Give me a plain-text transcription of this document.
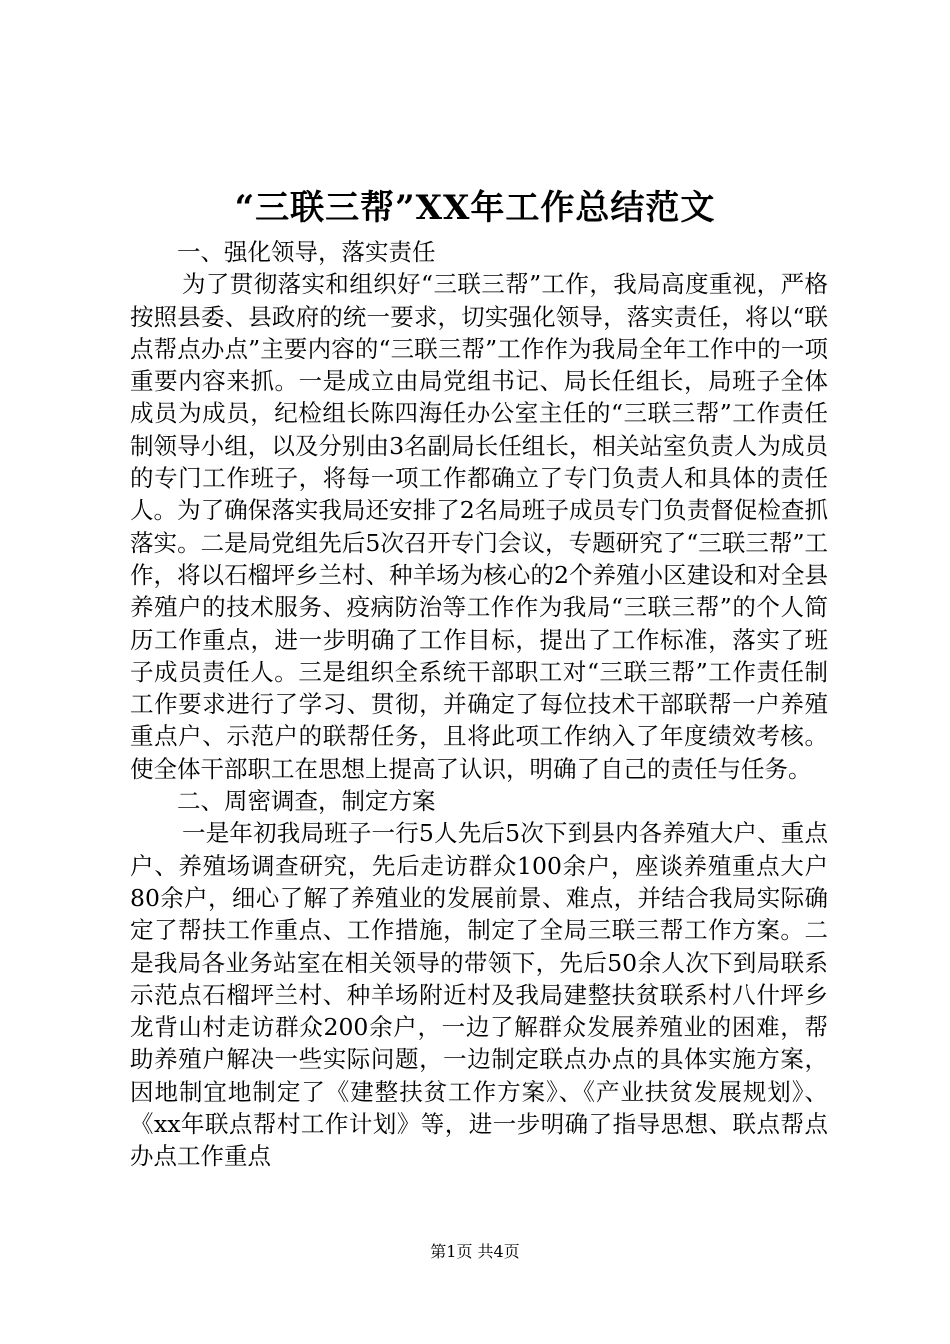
“三联三帮”XX年工作总结范文

一、强化领导，落实责任

为了贯彻落实和组织好“三联三帮”工作，我局高度重视，严格按照县委、县政府的统一要求，切实强化领导，落实责任，将以“联点帮点办点”主要内容的“三联三帮”工作作为我局全年工作中的一项重要内容来抓。一是成立由局党组书记、局长任组长，局班子全体成员为成员，纪检组长陈四海任办公室主任的“三联三帮”工作责任制领导小组，以及分别由3名副局长任组长，相关站室负责人为成员的专门工作班子，将每一项工作都确立了专门负责人和具体的责任人。为了确保落实我局还安排了2名局班子成员专门负责督促检查抓落实。二是局党组先后5次召开专门会议，专题研究了“三联三帮”工作，将以石榴坪乡兰村、种羊场为核心的2个养殖小区建设和对全县养殖户的技术服务、疫病防治等工作作为我局“三联三帮”的个人简历工作重点，进一步明确了工作目标，提出了工作标准，落实了班子成员责任人。三是组织全系统干部职工对“三联三帮”工作责任制工作要求进行了学习、贯彻，并确定了每位技术干部联帮一户养殖重点户、示范户的联帮任务，且将此项工作纳入了年度绩效考核。使全体干部职工在思想上提高了认识，明确了自己的责任与任务。

二、周密调查，制定方案

一是年初我局班子一行5人先后5次下到县内各养殖大户、重点户、养殖场调查研究，先后走访群众100余户，座谈养殖重点大户80余户，细心了解了养殖业的发展前景、难点，并结合我局实际确定了帮扶工作重点、工作措施，制定了全局三联三帮工作方案。二是我局各业务站室在相关领导的带领下，先后50余人次下到局联系示范点石榴坪兰村、种羊场附近村及我局建整扶贫联系村八什坪乡龙背山村走访群众200余户，一边了解群众发展养殖业的困难，帮助养殖户解决一些实际问题，一边制定联点办点的具体实施方案，因地制宜地制定了《建整扶贫工作方案》、《产业扶贫发展规划》、《xx年联点帮村工作计划》等，进一步明确了指导思想、联点帮点办点工作重点

第1页 共4页
